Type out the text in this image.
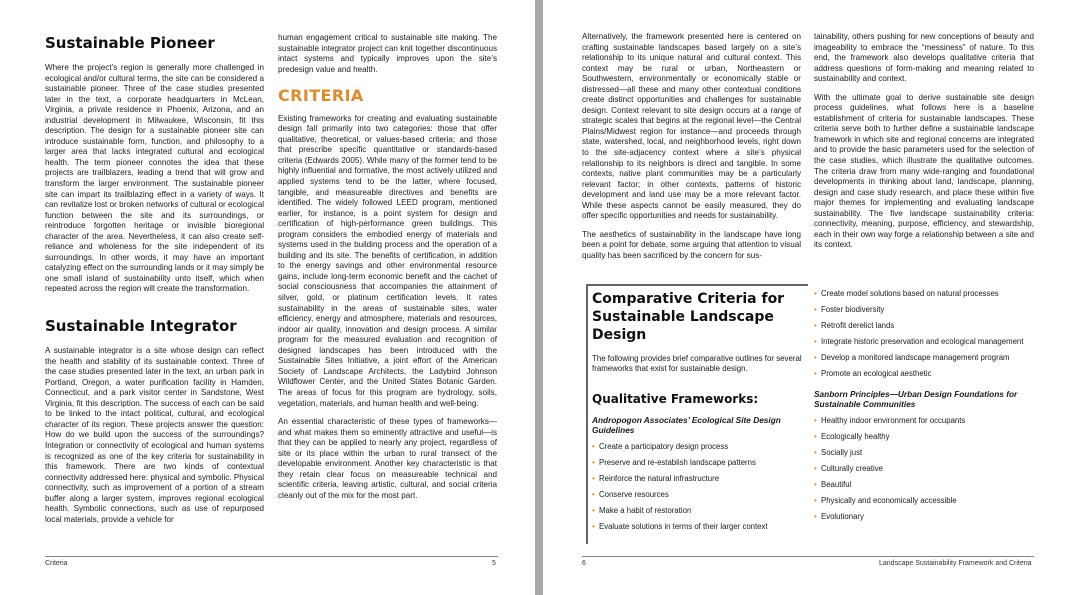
Sustainable Pioneer

Where the project’s region is generally more challenged in ecological and/or cultural terms, the site can be considered a sustainable pioneer. Three of the case studies presented later in the text, a corporate headquarters in McLean, Virginia, a private residence in Phoenix, Arizona, and an industrial development in Milwaukee, Wisconsin, fit this description. The design for a sustainable pioneer site can introduce sustainable form, function, and philosophy to a larger area that lacks integrated cultural and ecological health. The term pioneer connotes the idea that these projects are trailblazers, leading a trend that will grow and transform the larger environment. The sustainable pioneer site can impart its trailblazing effect in a variety of ways. It can revitalize lost or broken networks of cultural or ecological function between the site and its surroundings, or reintroduce forgotten heritage or invisible bioregional character of the area. Nevertheless, it can also create self-reliance and wholeness for the site independent of its surroundings. In other words, it may have an important catalyzing effect on the surrounding lands or it may simply be one small island of sustainability unto itself, which when repeated across the region will create the transformation.

Sustainable Integrator

A sustainable integrator is a site whose design can reflect the health and stability of its sustainable context. Three of the case studies presented later in the text, an urban park in Portland, Oregon, a water purification facility in Hamden, Connecticut, and a park visitor center in Sandstone, West Virginia, fit this description. The success of each can be said to be linked to the intact political, cultural, and ecological character of its region. These projects answer the question: How do we build upon the success of the surroundings? Integration or connectivity of ecological and human systems is recognized as one of the key criteria for sustainability in this framework. There are two kinds of contextual connectivity addressed here: physical and symbolic. Physical connectivity, such as improvement of a portion of a stream buffer along a larger system, improves regional ecological health. Symbolic connections, such as use of repurposed local materials, provide a vehicle for

human engagement critical to sustainable site making. The sustainable integrator project can knit together discontinuous intact systems and typically improves upon the site’s predesign value and health.

CRITERIA

Existing frameworks for creating and evaluating sustainable design fall primarily into two categories: those that offer qualitative, theoretical, or values-based criteria; and those that prescribe specific quantitative or standards-based criteria (Edwards 2005). While many of the former tend to be highly influential and formative, the most actively utilized and applied systems tend to be the latter, where focused, tangible, and measureable directives and benefits are identified. The widely followed LEED program, mentioned earlier, for instance, is a point system for design and certification of high-performance green buildings. This program considers the embodied energy of materials and systems used in the building process and the operation of a building and its site. The benefits of certification, in addition to the energy savings and other environmental resource gains, include long-term economic benefit and the cachet of social consciousness that accompanies the attainment of silver, gold, or platinum certification levels. It rates sustainability in the areas of sustainable sites, water efficiency, energy and atmosphere, materials and resources, indoor air quality, innovation and design process. A similar program for the measured evaluation and recognition of designed landscapes has been introduced with the Sustainable Sites Initiative, a joint effort of the American Society of Landscape Architects, the Ladybird Johnson Wildflower Center, and the United States Botanic Garden. The areas of focus for this program are hydrology, soils, vegetation, materials, and human health and well-being.

An essential characteristic of these types of frameworks—and what makes them so eminently attractive and useful—is that they can be applied to nearly any project, regardless of site or its place within the urban to rural transect of the developable environment. Another key characteristic is that they retain clear focus on measureable technical and scientific criteria, leaving artistic, cultural, and social criteria cleanly out of the mix for the most part.

Criteria	5

Alternatively, the framework presented here is centered on crafting sustainable landscapes based largely on a site’s relationship to its unique natural and cultural context. This context may be rural or urban, Northeastern or Southwestern, environmentally or economically stable or distressed—all these and many other contextual conditions create distinct opportunities and challenges for sustainable design. Context relevant to site design occurs at a range of strategic scales that begins at the regional level—the Central Plains/Midwest region for instance—and proceeds through state, watershed, local, and neighborhood levels, right down to the site-adjacency context where a site’s physical relationship to its neighbors is direct and tangible. In some contexts, native plant communities may be a particularly relevant factor; in other contexts, patterns of historic development and land use may be a more relevant factor. While these aspects cannot be easily measured, they do offer specific opportunities and needs for sustainability.

The aesthetics of sustainability in the landscape have long been a point for debate, some arguing that attention to visual quality has been sacrificed by the concern for sus-

tainability, others pushing for new conceptions of beauty and imageability to embrace the “messiness” of nature. To this end, the framework also develops qualitative criteria that address questions of form-making and meaning related to sustainability and context.

With the ultimate goal to derive sustainable site design process guidelines, what follows here is a baseline establishment of criteria for sustainable landscapes. These criteria serve both to further define a sustainable landscape framework in which site and regional concerns are integrated and to provide the basic parameters used for the selection of the case studies, which illustrate the qualitative outcomes. The criteria draw from many wide-ranging and foundational developments in thinking about land, landscape, planning, design and case study research, and place these within five major themes for implementing and evaluating landscape sustainability. The five landscape sustainability criteria: connectivity, meaning, purpose, efficiency, and stewardship, each in their own way forge a relationship between a site and its context.

Comparative Criteria for Sustainable Landscape Design

The following provides brief comparative outlines for several frameworks that exist for sustainable design.

Qualitative Frameworks:

Andropogon Associates’ Ecological Site Design Guidelines

• Create a participatory design process
• Preserve and re-establish landscape patterns
• Reinforce the natural infrastructure
• Conserve resources
• Make a habit of restoration
• Evaluate solutions in terms of their larger context
• Create model solutions based on natural processes
• Foster biodiversity
• Retrofit derelict lands
• Integrate historic preservation and ecological management
• Develop a monitored landscape management program
• Promote an ecological aesthetic

Sanborn Principles—Urban Design Foundations for Sustainable Communities

• Healthy indoor environment for occupants
• Ecologically healthy
• Socially just
• Culturally creative
• Beautiful
• Physically and economically accessible
• Evolutionary
6	Landscape Sustainability Framework and Criteria
